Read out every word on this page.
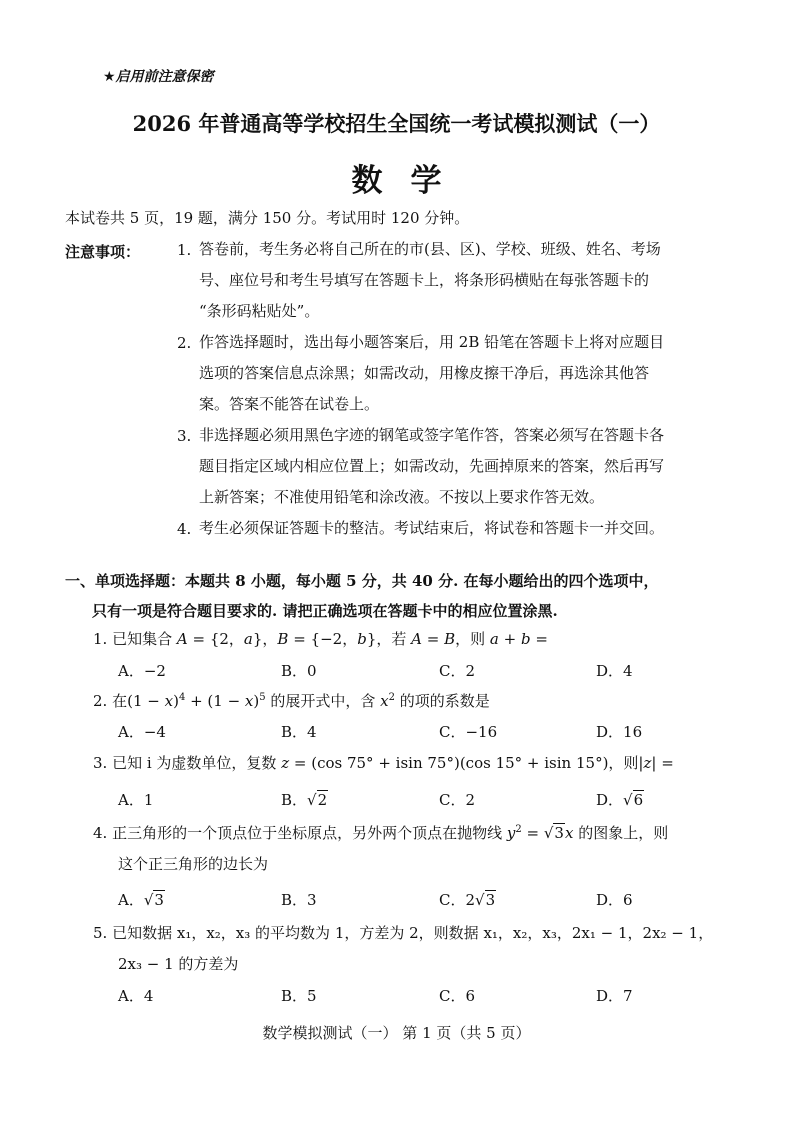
★启用前注意保密
2026 年普通高等学校招生全国统一考试模拟测试（一）
数学
本试卷共 5 页，19 题，满分 150 分。考试用时 120 分钟。
注意事项： 1. 答卷前，考生务必将自己所在的市(县、区)、学校、班级、姓名、考场
号、座位号和考生号填写在答题卡上，将条形码横贴在每张答题卡的
“条形码粘贴处”。
2. 作答选择题时，选出每小题答案后，用 2B 铅笔在答题卡上将对应题目
选项的答案信息点涂黑；如需改动，用橡皮擦干净后，再选涂其他答
案。答案不能答在试卷上。
3. 非选择题必须用黑色字迹的钢笔或签字笔作答，答案必须写在答题卡各
题目指定区域内相应位置上；如需改动，先画掉原来的答案，然后再写
上新答案；不准使用铅笔和涂改液。不按以上要求作答无效。
4. 考生必须保证答题卡的整洁。考试结束后，将试卷和答题卡一并交回。
一、单项选择题：本题共 8 小题，每小题 5 分，共 40 分. 在每小题给出的四个选项中，
只有一项是符合题目要求的. 请把正确选项在答题卡中的相应位置涂黑.
1. 已知集合 A = {2，a}，B = {−2，b}，若 A = B，则 a + b =
A．−2	B．0	C．2	D．4
2. 在$(1 - x)^4 + (1 - x)^5$ 的展开式中，含 $x^2$ 的项的系数是
A．−4	B．4	C．−16	D．16
3. 已知 i 为虚数单位，复数 z = (cos 75° + isin 75°)(cos 15° + isin 15°)，则|z| =
A．1	B．√2	C．2	D．√6
4. 正三角形的一个顶点位于坐标原点，另外两个顶点在抛物线 $y^2 = √3x$ 的图象上，则
这个正三角形的边长为
A．√3	B．3	C．2√3	D．6
5. 已知数据 x₁，x₂，x₃ 的平均数为 1，方差为 2，则数据 x₁，x₂，x₃，2x₁ − 1，2x₂ − 1，
2x₃ − 1 的方差为
A．4	B．5	C．6	D．7
数学模拟测试（一） 第 1 页（共 5 页）
